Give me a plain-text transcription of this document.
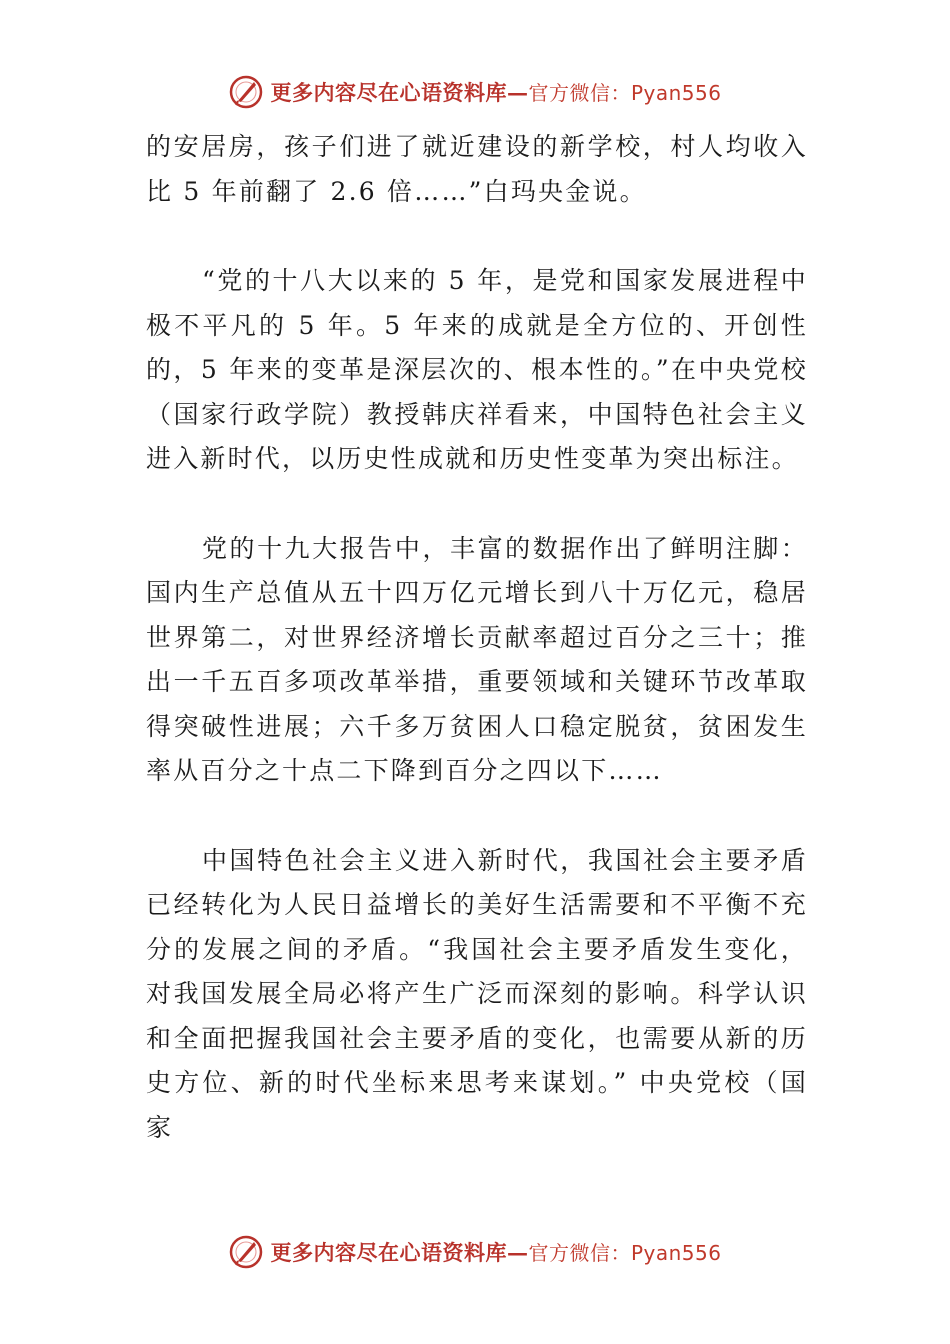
更多内容尽在心语资料库—官方微信：Pyan556

的安居房，孩子们进了就近建设的新学校，村人均收入比 5 年前翻了 2.6 倍……”白玛央金说。

“党的十八大以来的 5 年，是党和国家发展进程中极不平凡的 5 年。5 年来的成就是全方位的、开创性的，5 年来的变革是深层次的、根本性的。”在中央党校（国家行政学院）教授韩庆祥看来，中国特色社会主义进入新时代，以历史性成就和历史性变革为突出标注。

党的十九大报告中，丰富的数据作出了鲜明注脚：国内生产总值从五十四万亿元增长到八十万亿元，稳居世界第二，对世界经济增长贡献率超过百分之三十；推出一千五百多项改革举措，重要领域和关键环节改革取得突破性进展；六千多万贫困人口稳定脱贫，贫困发生率从百分之十点二下降到百分之四以下……

中国特色社会主义进入新时代，我国社会主要矛盾已经转化为人民日益增长的美好生活需要和不平衡不充分的发展之间的矛盾。“我国社会主要矛盾发生变化，对我国发展全局必将产生广泛而深刻的影响。科学认识和全面把握我国社会主要矛盾的变化，也需要从新的历史方位、新的时代坐标来思考来谋划。” 中央党校（国家

更多内容尽在心语资料库—官方微信：Pyan556
